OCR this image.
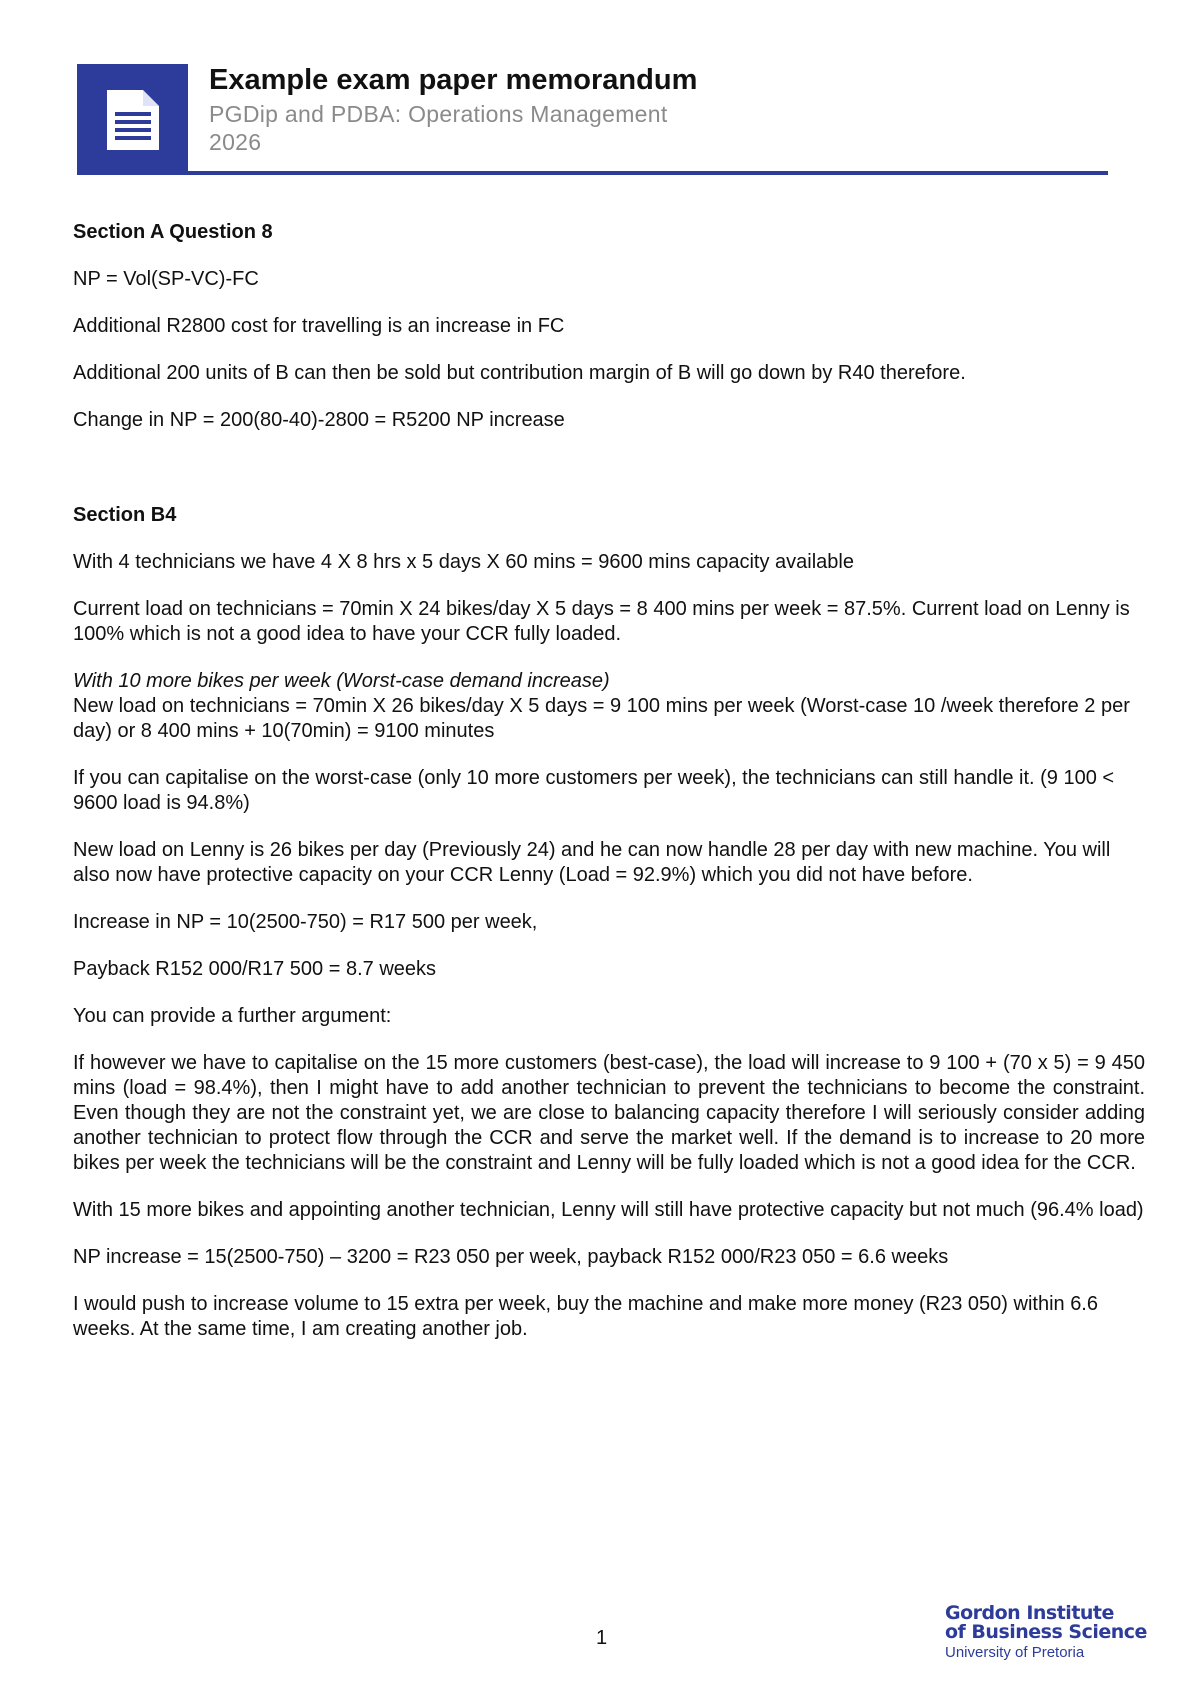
Example exam paper memorandum
PGDip and PDBA: Operations Management
2026
Section A Question 8

NP = Vol(SP-VC)-FC

Additional R2800 cost for travelling is an increase in FC

Additional 200 units of B can then be sold but contribution margin of B will go down by R40 therefore.

Change in NP = 200(80-40)-2800 = R5200 NP increase

Section B4

With 4 technicians we have 4 X 8 hrs x 5 days X 60 mins = 9600 mins capacity available

Current load on technicians = 70min X 24 bikes/day X 5 days = 8 400 mins per week = 87.5%. Current load on Lenny is 100% which is not a good idea to have your CCR fully loaded.

With 10 more bikes per week (Worst-case demand increase)
New load on technicians = 70min X 26 bikes/day X 5 days = 9 100 mins per week (Worst-case 10 /week therefore 2 per day) or 8 400 mins + 10(70min) = 9100 minutes

If you can capitalise on the worst-case (only 10 more customers per week), the technicians can still handle it. (9 100 < 9600 load is 94.8%)

New load on Lenny is 26 bikes per day (Previously 24) and he can now handle 28 per day with new machine. You will also now have protective capacity on your CCR Lenny (Load = 92.9%) which you did not have before.

Increase in NP = 10(2500-750) = R17 500 per week,

Payback R152 000/R17 500 = 8.7 weeks

You can provide a further argument:

If however we have to capitalise on the 15 more customers (best-case), the load will increase to 9 100 + (70 x 5) = 9 450 mins (load = 98.4%), then I might have to add another technician to prevent the technicians to become the constraint. Even though they are not the constraint yet, we are close to balancing capacity therefore I will seriously consider adding another technician to protect flow through the CCR and serve the market well. If the demand is to increase to 20 more bikes per week the technicians will be the constraint and Lenny will be fully loaded which is not a good idea for the CCR.

With 15 more bikes and appointing another technician, Lenny will still have protective capacity but not much (96.4% load)

NP increase = 15(2500-750) – 3200 = R23 050 per week, payback R152 000/R23 050 = 6.6 weeks

I would push to increase volume to 15 extra per week, buy the machine and make more money (R23 050) within 6.6 weeks. At the same time, I am creating another job.

1
Gordon Institute
of Business Science
University of Pretoria
